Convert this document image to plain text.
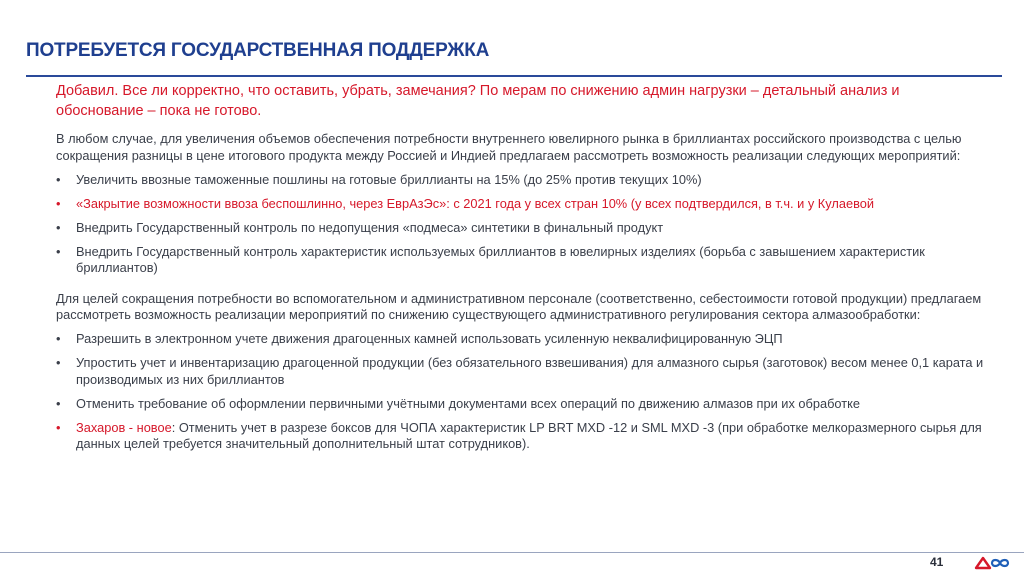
ПОТРЕБУЕТСЯ ГОСУДАРСТВЕННАЯ ПОДДЕРЖКА
Добавил. Все ли корректно, что оставить, убрать, замечания? По мерам по снижению админ нагрузки – детальный анализ и обоснование – пока не готово.

В любом случае, для увеличения объемов обеспечения потребности внутреннего ювелирного рынка в бриллиантах российского производства с целью сокращения разницы в цене итогового продукта между Россией и Индией предлагаем рассмотреть возможность реализации следующих мероприятий:

• Увеличить ввозные таможенные пошлины на готовые бриллианты на 15% (до 25% против текущих 10%)
• «Закрытие возможности ввоза беспошлинно, через ЕврАзЭс»: с 2021 года у всех стран 10% (у всех подтвердился, в т.ч. и у Кулаевой
• Внедрить Государственный контроль по недопущения «подмеса» синтетики в финальный продукт
• Внедрить Государственный контроль характеристик используемых бриллиантов в ювелирных изделиях (борьба с завышением характеристик бриллиантов)

Для целей сокращения потребности во вспомогательном и административном персонале (соответственно, себестоимости готовой продукции) предлагаем рассмотреть возможность реализации мероприятий по снижению существующего административного регулирования сектора алмазообработки:

• Разрешить в электронном учете движения драгоценных камней использовать усиленную неквалифицированную ЭЦП
• Упростить учет и инвентаризацию драгоценной продукции (без обязательного взвешивания) для алмазного сырья (заготовок) весом менее 0,1 карата и производимых из них бриллиантов
• Отменить требование об оформлении первичными учётными документами всех операций по движению алмазов при их обработке
• Захаров - новое: Отменить учет в разрезе боксов для ЧОПА характеристик LP BRT MXD -12 и SML MXD -3 (при обработке мелкоразмерного сырья для данных целей требуется значительный дополнительный штат сотрудников).
41
